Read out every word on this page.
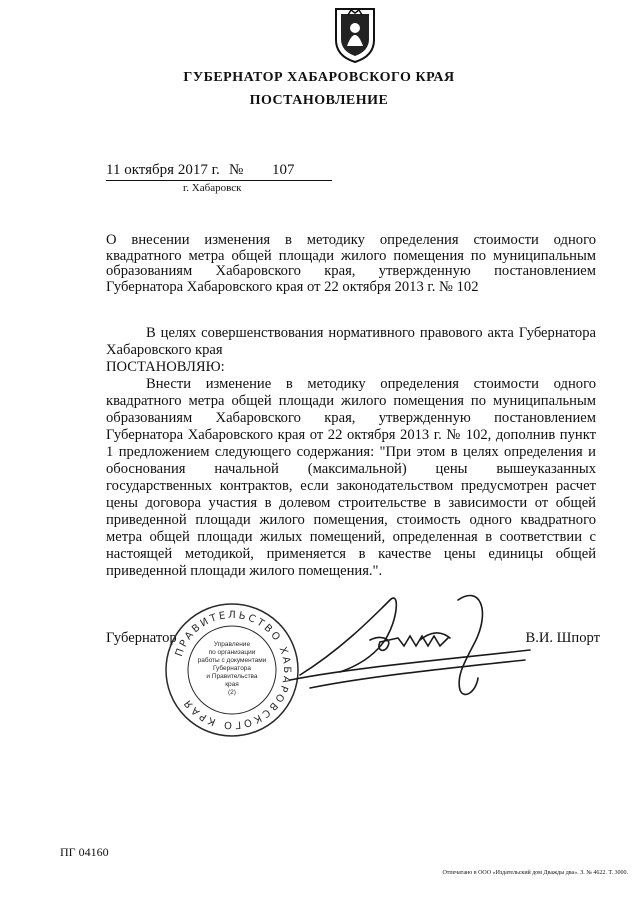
ГУБЕРНАТОР ХАБАРОВСКОГО КРАЯ
ПОСТАНОВЛЕНИЕ
11 октября 2017 г. № 107
г. Хабаровск
О внесении изменения в методику определения стоимости одного квадратного метра общей площади жилого помещения по муниципальным образованиям Хабаровского края, утвержденную постановлением Губернатора Хабаровского края от 22 октября 2013 г. № 102
В целях совершенствования нормативного правового акта Губернатора Хабаровского края
ПОСТАНОВЛЯЮ:
Внести изменение в методику определения стоимости одного квадратного метра общей площади жилого помещения по муниципальным образованиям Хабаровского края, утвержденную постановлением Губернатора Хабаровского края от 22 октября 2013 г. № 102, дополнив пункт 1 предложением следующего содержания: "При этом в целях определения и обоснования начальной (максимальной) цены вышеуказанных государственных контрактов, если законодательством предусмотрен расчет цены договора участия в долевом строительстве в зависимости от общей приведенной площади жилого помещения, стоимость одного квадратного метра общей площади жилых помещений, определенная в соответствии с настоящей методикой, применяется в качестве цены единицы общей приведенной площади жилого помещения.".
Губернатор	В.И. Шпорт
ПРАВИТЕЛЬСТВО ХАБАРОВСКОГО КРАЯ
Управление
по организации
работы с документами
Губернатора
и Правительства
края
(2)
ПГ 04160
Отпечатано в ООО «Издательский дом Дважды два». З. № 4622. Т. 3000.
